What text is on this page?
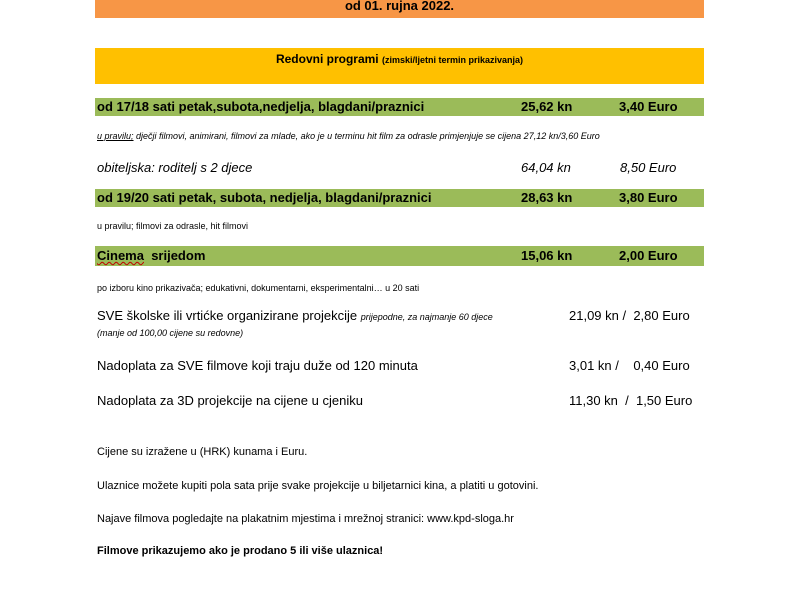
od 01. rujna 2022.
Redovni programi (zimski/ljetni termin prikazivanja)
od 17/18 sati petak,subota,nedjelja, blagdani/praznici	25,62 kn	3,40 Euro
u pravilu; dječji filmovi, animirani, filmovi za mlade, ako je u terminu hit film za odrasle primjenjuje se cijena 27,12 kn/3,60 Euro
obiteljska: roditelj s 2 djece	64,04 kn	8,50 Euro
od 19/20 sati petak, subota, nedjelja, blagdani/praznici	28,63 kn	3,80 Euro
u pravilu; filmovi za odrasle, hit filmovi
Cinema  srijedom	15,06 kn	2,00 Euro
po izboru kino prikazivača; edukativni, dokumentarni, eksperimentalni… u 20 sati
SVE školske ili vrtićke organizirane projekcije prijepodne, za najmanje 60 djece	21,09 kn /  2,80 Euro
(manje od 100,00 cijene su redovne)
Nadoplata za SVE filmove koji traju duže od 120 minuta	3,01 kn /    0,40 Euro
Nadoplata za 3D projekcije na cijene u cjeniku	11,30 kn  /  1,50 Euro
Cijene su izražene u (HRK) kunama i Euru.
Ulaznice možete kupiti pola sata prije svake projekcije u biljetarnici kina, a platiti u gotovini.
Najave filmova pogledajte na plakatnim mjestima i mrežnoj stranici: www.kpd-sloga.hr
Filmove prikazujemo ako je prodano 5 ili više ulaznica!
